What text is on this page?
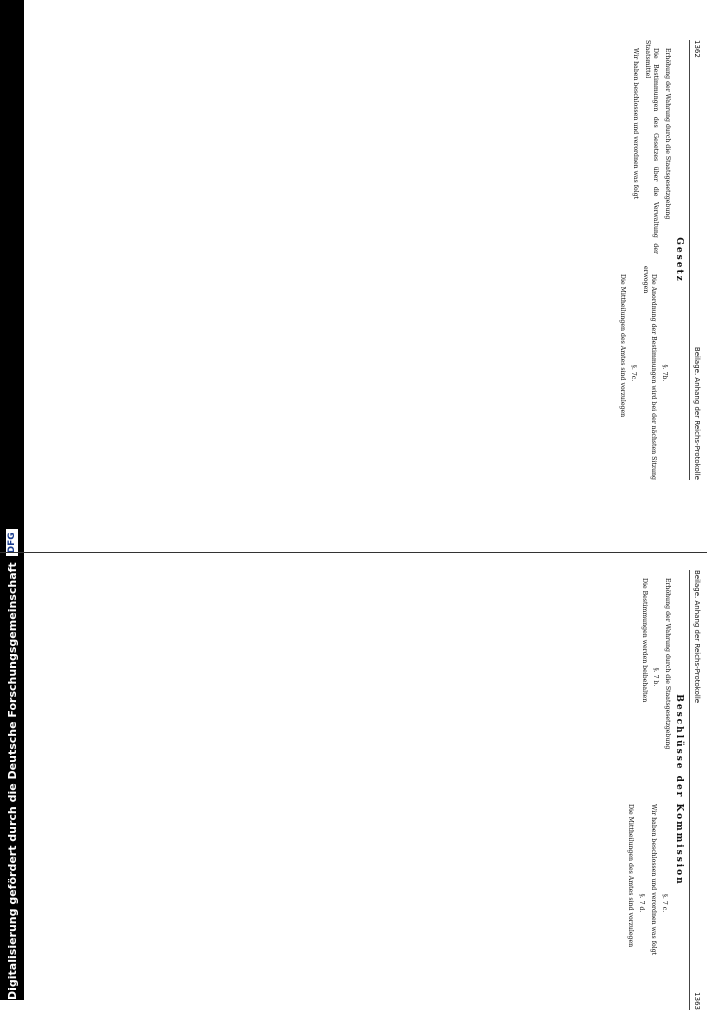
Digitalisierung gefördert durch die Deutsche Forschungsgemeinschaft
DFG
1362
Beilage. Anhang der Reichs-Protokolle
Gesetz

Erhöhung der Wahrung durch die Staatsgesetzgebung

Die Bestimmungen des Gesetzes über die Verwaltung der Staatsmittel

Wir haben beschlossen und verordnen was folgt

§. 7b.

Die Anordnung der Bestimmungen wird bei der nächsten Sitzung erwogen

§. 7c.

Die Mittheilungen des Amtes sind vorzulegen

Beilage. Anhang der Reichs-Protokolle
1363
Beschlüsse der Kommission

Erhöhung der Wahrung durch die Staatsgesetzgebung

§. 7 b.

Die Bestimmungen werden beibehalten

§. 7 c.

Wir haben beschlossen und verordnen was folgt

§. 7 d.

Die Mittheilungen des Amtes sind vorzulegen
